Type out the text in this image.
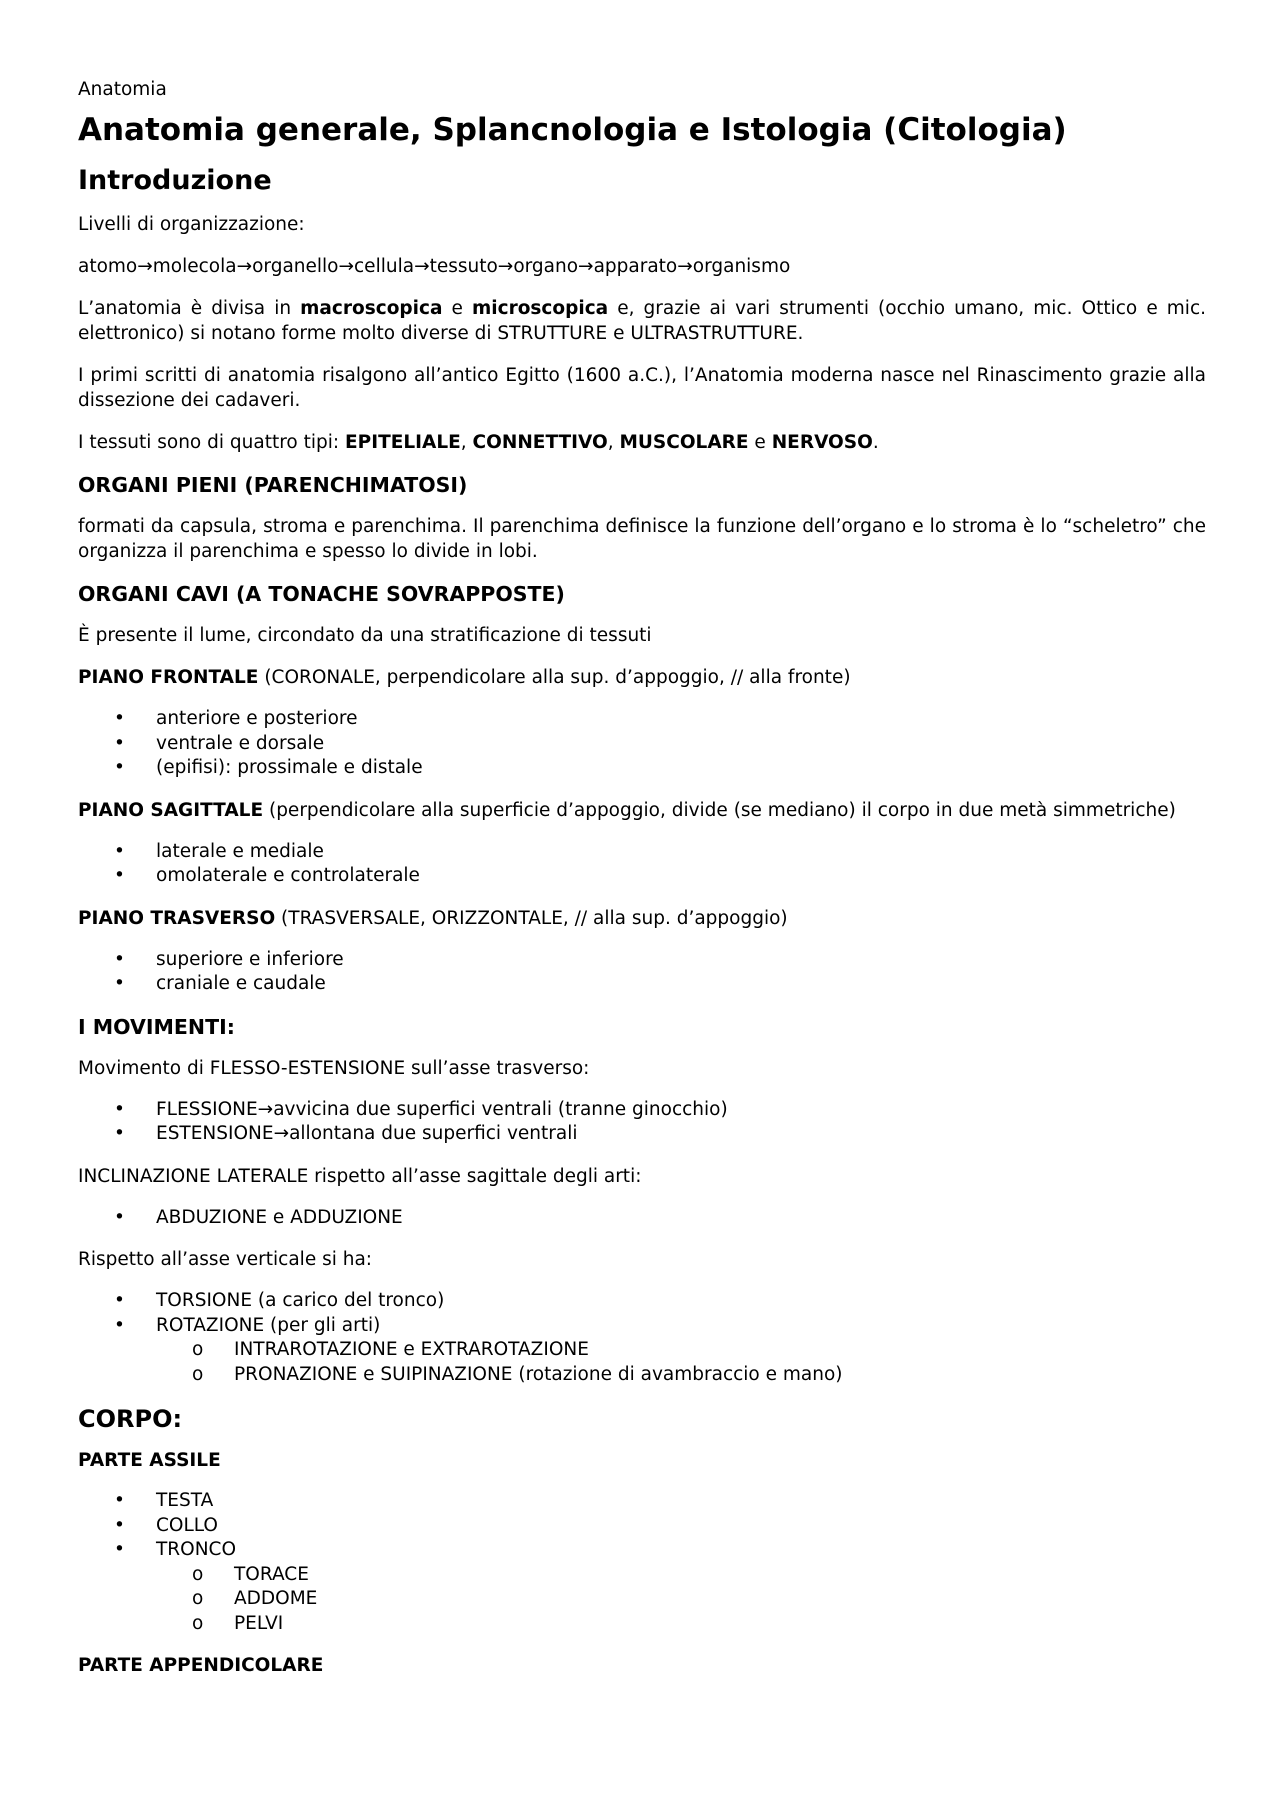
Anatomia
Anatomia generale, Splancnologia e Istologia (Citologia)
Introduzione

Livelli di organizzazione:

atomo→molecola→organello→cellula→tessuto→organo→apparato→organismo

L’anatomia è divisa in macroscopica e microscopica e, grazie ai vari strumenti (occhio umano, mic. Ottico e mic. elettronico) si notano forme molto diverse di STRUTTURE e ULTRASTRUTTURE.

I primi scritti di anatomia risalgono all’antico Egitto (1600 a.C.), l’Anatomia moderna nasce nel Rinascimento grazie alla dissezione dei cadaveri.

I tessuti sono di quattro tipi: EPITELIALE, CONNETTIVO, MUSCOLARE e NERVOSO.

ORGANI PIENI (PARENCHIMATOSI)

formati da capsula, stroma e parenchima. Il parenchima definisce la funzione dell’organo e lo stroma è lo “scheletro” che organizza il parenchima e spesso lo divide in lobi.

ORGANI CAVI (A TONACHE SOVRAPPOSTE)

È presente il lume, circondato da una stratificazione di tessuti

PIANO FRONTALE (CORONALE, perpendicolare alla sup. d’appoggio, // alla fronte)

• anteriore e posteriore
• ventrale e dorsale
• (epifisi): prossimale e distale

PIANO SAGITTALE (perpendicolare alla superficie d’appoggio, divide (se mediano) il corpo in due metà simmetriche)

• laterale e mediale
• omolaterale e controlaterale

PIANO TRASVERSO (TRASVERSALE, ORIZZONTALE, // alla sup. d’appoggio)

• superiore e inferiore
• craniale e caudale
I MOVIMENTI:

Movimento di FLESSO-ESTENSIONE sull’asse trasverso:

• FLESSIONE→avvicina due superfici ventrali (tranne ginocchio)
• ESTENSIONE→allontana due superfici ventrali

INCLINAZIONE LATERALE rispetto all’asse sagittale degli arti:

• ABDUZIONE e ADDUZIONE

Rispetto all’asse verticale si ha:

• TORSIONE (a carico del tronco)
• ROTAZIONE (per gli arti)
o INTRAROTAZIONE e EXTRAROTAZIONE
o PRONAZIONE e SUIPINAZIONE (rotazione di avambraccio e mano)
CORPO:
PARTE ASSILE
• TESTA
• COLLO
• TRONCO
o TORACE
o ADDOME
o PELVI
PARTE APPENDICOLARE
